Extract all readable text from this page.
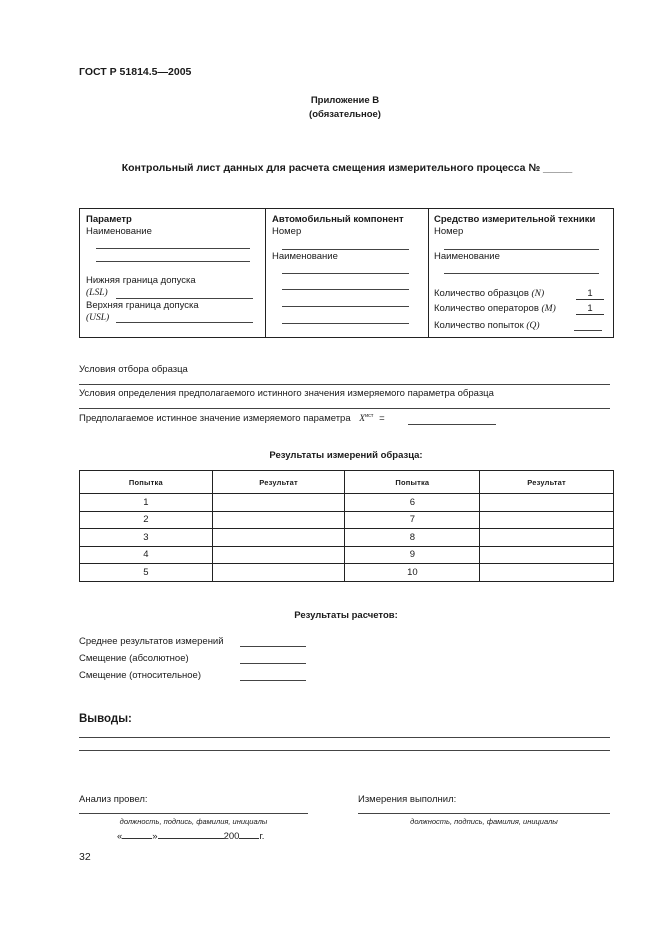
ГОСТ Р 51814.5—2005
Приложение В
(обязательное)
Контрольный лист данных для расчета смещения измерительного процесса № _____
Параметр
Наименование
Нижняя граница допуска
(LSL)
Верхняя граница допуска
(USL)
Автомобильный компонент
Номер
Наименование
Средство измерительной техники
Номер
Наименование
Количество образцов (N)	1
Количество операторов (M)	1
Количество попыток (Q)
Условия отбора образца
Условия определения предполагаемого истинного значения измеряемого параметра образца
Предполагаемое истинное значение измеряемого параметра $X^{ист}$ =
Результаты измерений образца:
Попытка	Результат	Попытка	Результат
1		6	
2		7	
3		8	
4		9	
5		10	
Результаты расчетов:
Среднее результатов измерений
Смещение (абсолютное)
Смещение (относительное)
Выводы:
Анализ провел:
должность, подпись, фамилия, инициалы
Измерения выполнил:
должность, подпись, фамилия, инициалы
«	»	200 г.
32
